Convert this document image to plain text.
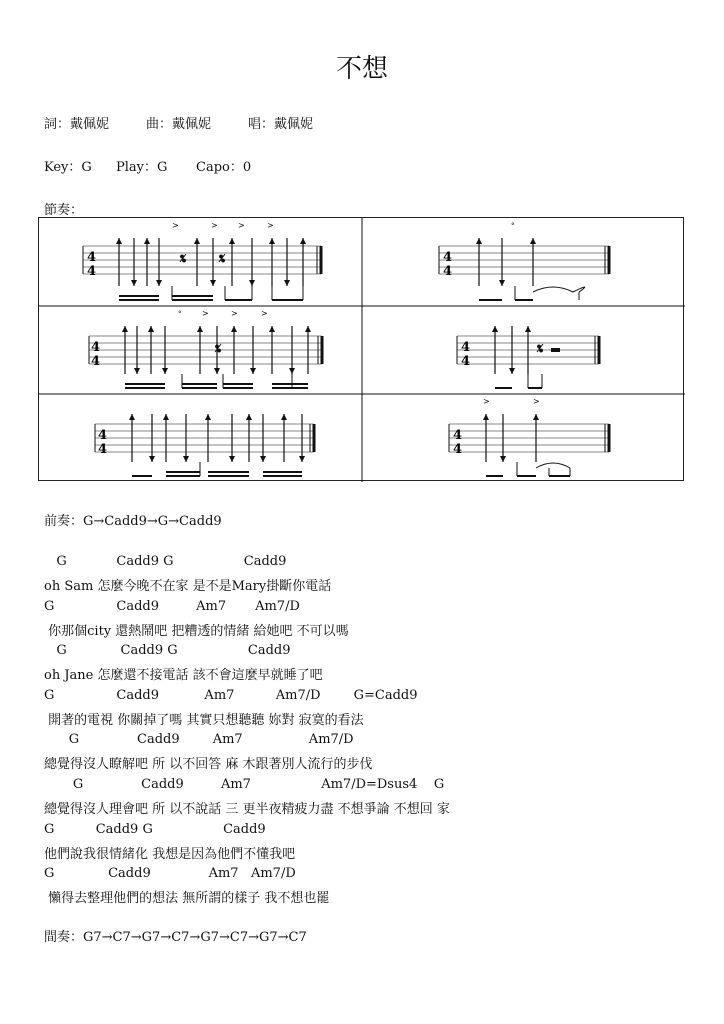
不想
詞：戴佩妮	曲：戴佩妮	唱：戴佩妮
Key：G Play：G Capo：0
節奏：
4
4
>	>	>	>
4
4
°
4
4
°	>	>	>
4
4
4
4
4
4
>	>
前奏：G→Cadd9→G→Cadd9
G            Cadd9 G                 Cadd9
oh Sam 怎麼今晚不在家 是不是Mary掛斷你電話
G               Cadd9         Am7       Am7/D
你那個city 還熱鬧吧 把糟透的情緒 給她吧 不可以嗎
G             Cadd9 G                 Cadd9
oh Jane 怎麼還不接電話 該不會這麼早就睡了吧
G               Cadd9           Am7          Am7/D        G=Cadd9
開著的電視 你關掉了嗎 其實只想聽聽 妳對 寂寞的看法
G              Cadd9        Am7                Am7/D
總覺得沒人瞭解吧 所 以不回答 麻 木跟著別人流行的步伐
G              Cadd9         Am7                 Am7/D=Dsus4    G
總覺得沒人理會吧 所 以不說話 三 更半夜精疲力盡 不想爭論 不想回 家
G          Cadd9 G                 Cadd9
他們說我很情緒化 我想是因為他們不懂我吧
G             Cadd9              Am7   Am7/D
懶得去整理他們的想法 無所謂的樣子 我不想也罷
間奏：G7→C7→G7→C7→G7→C7→G7→C7
